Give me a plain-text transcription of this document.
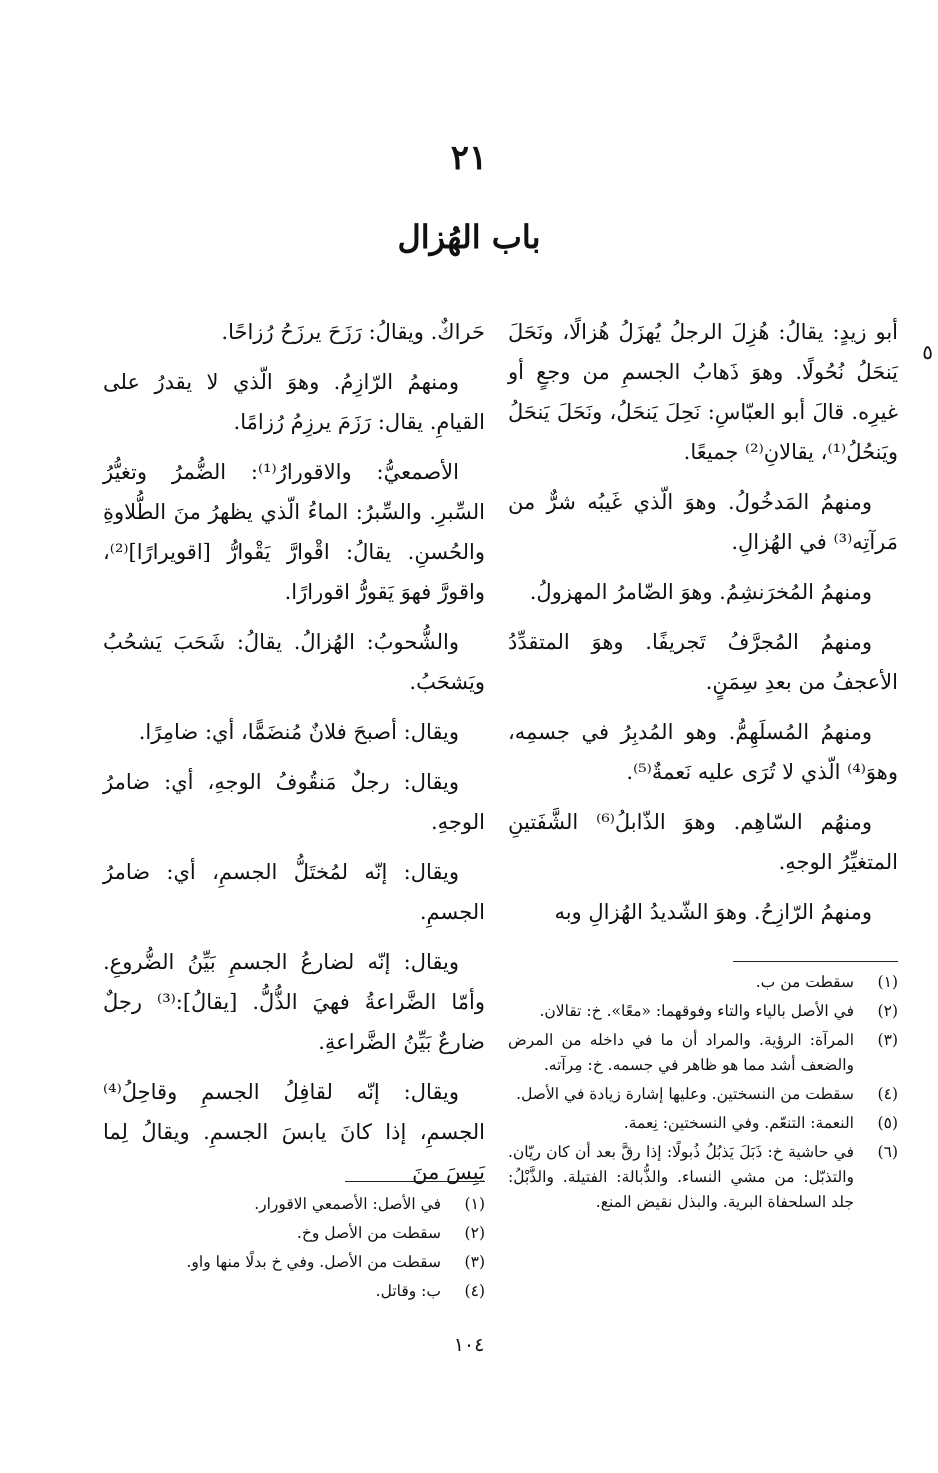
٢١
باب الهُزال
٥

أبو زيدٍ: يقالُ: هُزِلَ الرجلُ يُهزَلُ هُزالًا، ونَحَلَ يَنحَلُ نُحُولًا. وهوَ ذَهابُ الجسمِ من وجعٍ أو غيرِه. قالَ أبو العبّاسِ: نَحِلَ يَنحَلُ، ونَحَلَ يَنحَلُ ويَنحُلُ⁽¹⁾، يقالانِ⁽²⁾ جميعًا.

ومنهمُ المَدخُولُ. وهوَ الّذي غَيبُه شرٌّ من مَرآتِه⁽³⁾ في الهُزالِ.

ومنهمُ المُخرَنشِمُ. وهوَ الضّامرُ المهزولُ.

ومنهمُ المُجرَّفُ تَجريفًا. وهوَ المتقدِّدُ الأعجفُ من بعدِ سِمَنٍ.

ومنهمُ المُسلَهِمُّ. وهو المُدبِرُ في جسمِه، وهوَ⁽⁴⁾ الّذي لا تُرَى عليه نَعمةٌ⁽⁵⁾.

ومنهُم السّاهِم. وهوَ الذّابلُ⁽⁶⁾ الشَّفَتينِ المتغيِّرُ الوجهِ.

ومنهمُ الرّازِحُ. وهوَ الشّديدُ الهُزالِ وبه

حَراكٌ. ويقالُ: رَزَحَ يرزَحُ رُزاحًا.

ومنهمُ الرّازِمُ. وهوَ الّذي لا يقدرُ على القيامِ. يقال: رَزَمَ يرزِمُ رُزامًا.

الأصمعيُّ: والاقورارُ⁽¹⁾: الضُّمرُ وتغيُّرُ السِّبرِ. والسِّبرُ: الماءُ الّذي يظهرُ منَ الطُّلاوةِ والحُسنِ. يقالُ: اقْوارَّ يَقْوارُّ [اقويرارًا]⁽²⁾، واقورَّ فهوَ يَقورُّ اقورارًا.

والشُّحوبُ: الهُزالُ. يقالُ: شَحَبَ يَشحُبُ ويَشحَبُ.

ويقال: أصبحَ فلانٌ مُنضَمًّا، أي: ضامِرًا.

ويقال: رجلٌ مَنقُوفُ الوجهِ، أي: ضامرُ الوجهِ.

ويقال: إنّه لمُختَلُّ الجسمِ، أي: ضامرُ الجسمِ.

ويقال: إنّه لضارعُ الجسمِ بَيِّنُ الضُّروعِ. وأمّا الضَّراعةُ فهيَ الذُّلُّ. [يقالُ]:⁽³⁾ رجلٌ ضارعٌ بَيِّنُ الضَّراعةِ.

ويقال: إنّه لقافِلُ الجسمِ وقاحِلُ⁽⁴⁾ الجسمِ، إذا كانَ يابسَ الجسمِ. ويقالُ لِما يَبِسَ منَ

(١)
سقطت من ب.
(٢)
في الأصل بالياء والتاء وفوقهما: «معًا». خ: تقالان.
(٣)
المرآة: الرؤية. والمراد أن ما في داخله من المرض والضعف أشد مما هو ظاهر في جسمه. خ: مِرآته.
(٤)
سقطت من النسختين. وعليها إشارة زيادة في الأصل.
(٥)
النعمة: التنعّم. وفي النسختين: نِعمة.
(٦)
في حاشية خ: ذَبَلَ يَذبُلُ ذُبولًا: إذا رقَّ بعد أن كان ريّان. والتذبّل: من مشي النساء. والذُّبالة: الفتيلة. والذَّبْلُ: جلد السلحفاة البرية. والبذل نقيض المنع.
(١)
في الأصل: الأصمعي الاقورار.
(٢)
سقطت من الأصل وخ.
(٣)
سقطت من الأصل. وفي خ بدلًا منها واو.
(٤)
ب: وقاتل.
١٠٤
